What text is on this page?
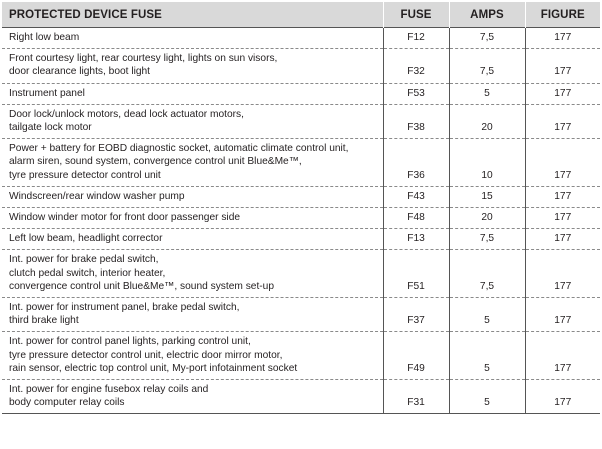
PROTECTED DEVICE FUSE	FUSE	AMPS	FIGURE
Right low beam	F12	7,5	177
Front courtesy light, rear courtesy light, lights on sun visors,
door clearance lights, boot light	F32	7,5	177
Instrument panel	F53	5	177
Door lock/unlock motors, dead lock actuator motors,
tailgate lock motor	F38	20	177
Power + battery for EOBD diagnostic socket, automatic climate control unit,
alarm siren, sound system, convergence control unit Blue&Me™,
tyre pressure detector control unit	F36	10	177
Windscreen/rear window washer pump	F43	15	177
Window winder motor for front door passenger side	F48	20	177
Left low beam, headlight corrector	F13	7,5	177
Int. power for brake pedal switch,
clutch pedal switch, interior heater,
convergence control unit Blue&Me™, sound system set-up	F51	7,5	177
Int. power for instrument panel, brake pedal switch,
third brake light	F37	5	177
Int. power for control panel lights, parking control unit,
tyre pressure detector control unit, electric door mirror motor,
rain sensor, electric top control unit, My-port infotainment socket	F49	5	177
Int. power for engine fusebox relay coils and
body computer relay coils	F31	5	177
